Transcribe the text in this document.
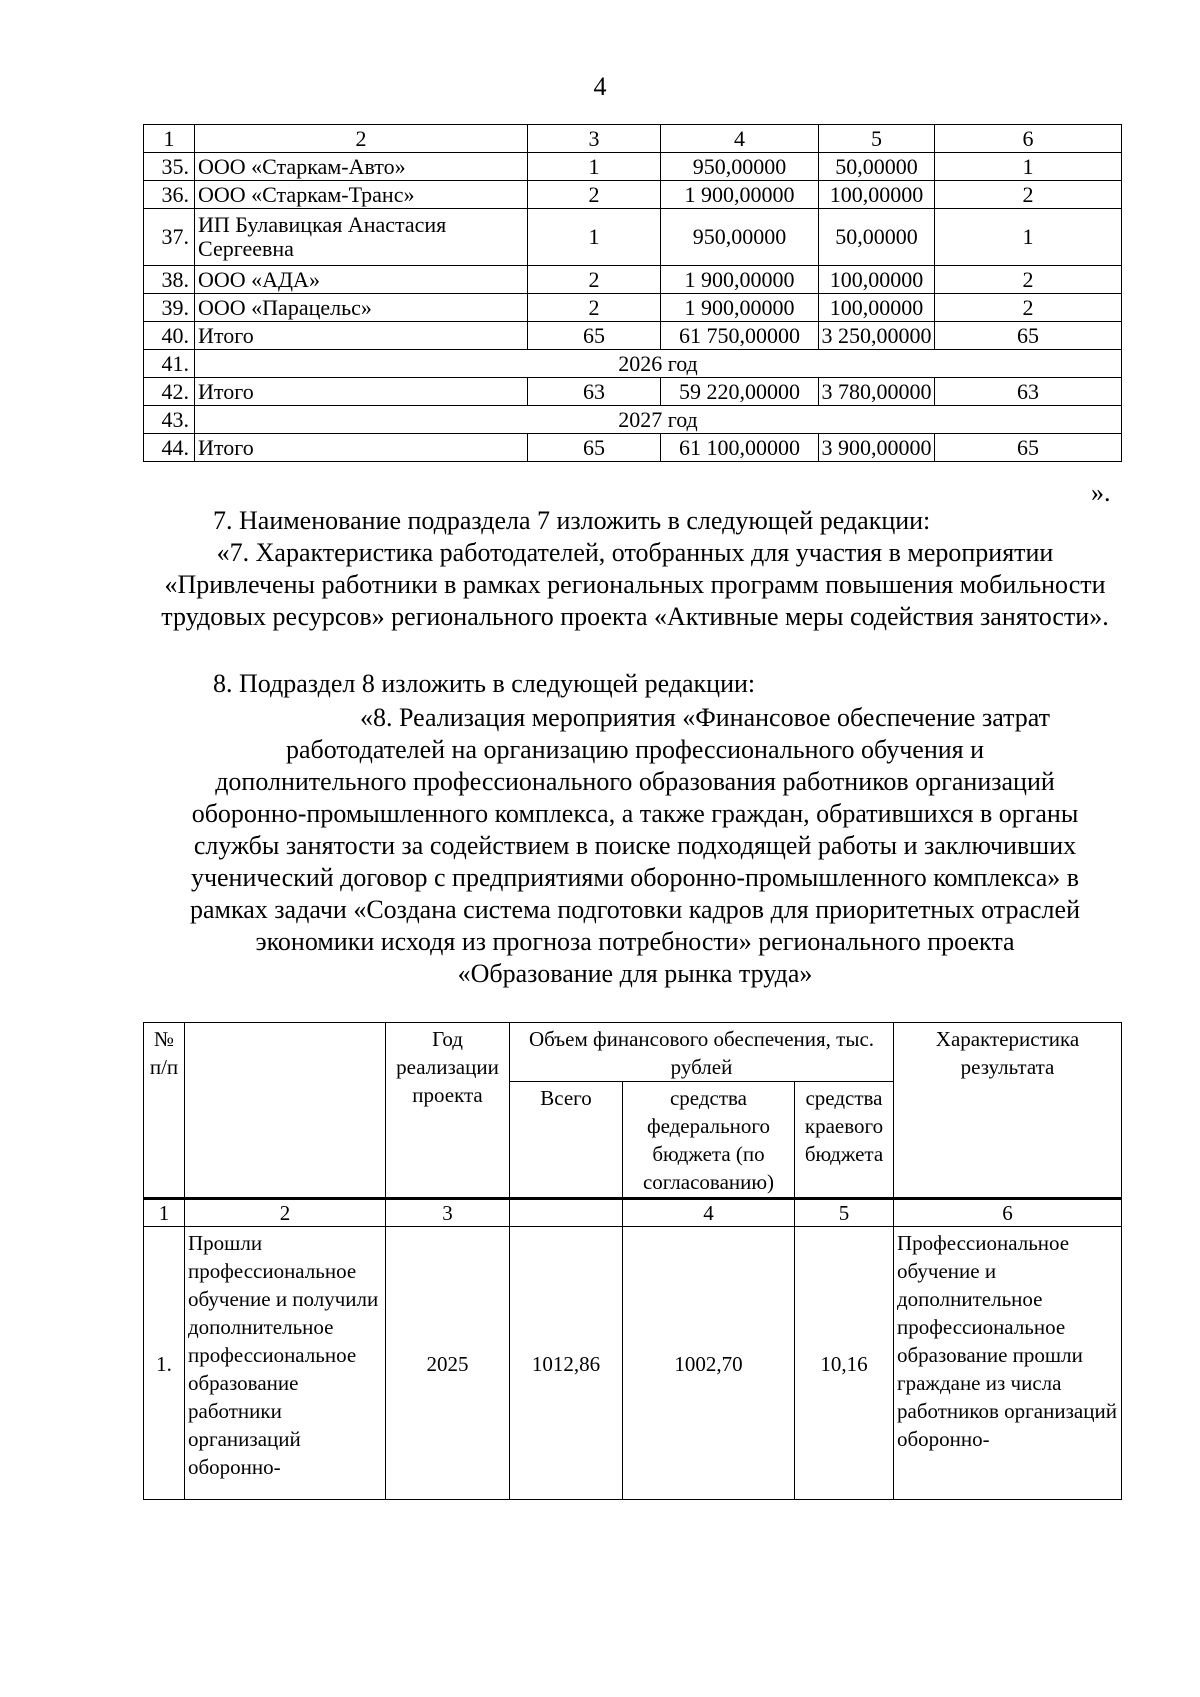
4
1	2	3	4	5	6
35.	ООО «Старкам-Авто»	1	950,00000	50,00000	1
36.	ООО «Старкам-Транс»	2	1 900,00000	100,00000	2
37.	ИП Булавицкая Анастасия Сергеевна	1	950,00000	50,00000	1
38.	ООО «АДА»	2	1 900,00000	100,00000	2
39.	ООО «Парацельс»	2	1 900,00000	100,00000	2
40.	Итого	65	61 750,00000	3 250,00000	65
41.	2026 год				
42.	Итого	63	59 220,00000	3 780,00000	63
43.	2027 год				
44.	Итого	65	61 100,00000	3 900,00000	65
».
7. Наименование подраздела 7 изложить в следующей редакции:
«7. Характеристика работодателей, отобранных для участия в мероприятии «Привлечены работники в рамках региональных программ повышения мобильности трудовых ресурсов» регионального проекта «Активные меры содействия занятости».
8. Подраздел 8 изложить в следующей редакции:
«8. Реализация мероприятия «Финансовое обеспечение затрат
работодателей на организацию профессионального обучения и
дополнительного профессионального образования работников организаций
оборонно-промышленного комплекса, а также граждан, обратившихся в органы
службы занятости за содействием в поиске подходящей работы и заключивших
ученический договор с предприятиями оборонно-промышленного комплекса» в
рамках задачи «Создана система подготовки кадров для приоритетных отраслей
экономики исходя из прогноза потребности» регионального проекта
«Образование для рынка труда»
№ п/п		Год реализации проекта	Объем финансового обеспечения, тыс. рублей			Характеристика результата
			Всего	средства федерального бюджета (по согласованию)	средства краевого бюджета	
1	2	3		4	5	6
1.	Прошли профессиональное обучение и получили дополнительное профессиональное образование работники организаций оборонно-	2025	1012,86	1002,70	10,16	Профессиональное обучение и дополнительное профессиональное образование прошли граждане из числа работников организаций оборонно-
